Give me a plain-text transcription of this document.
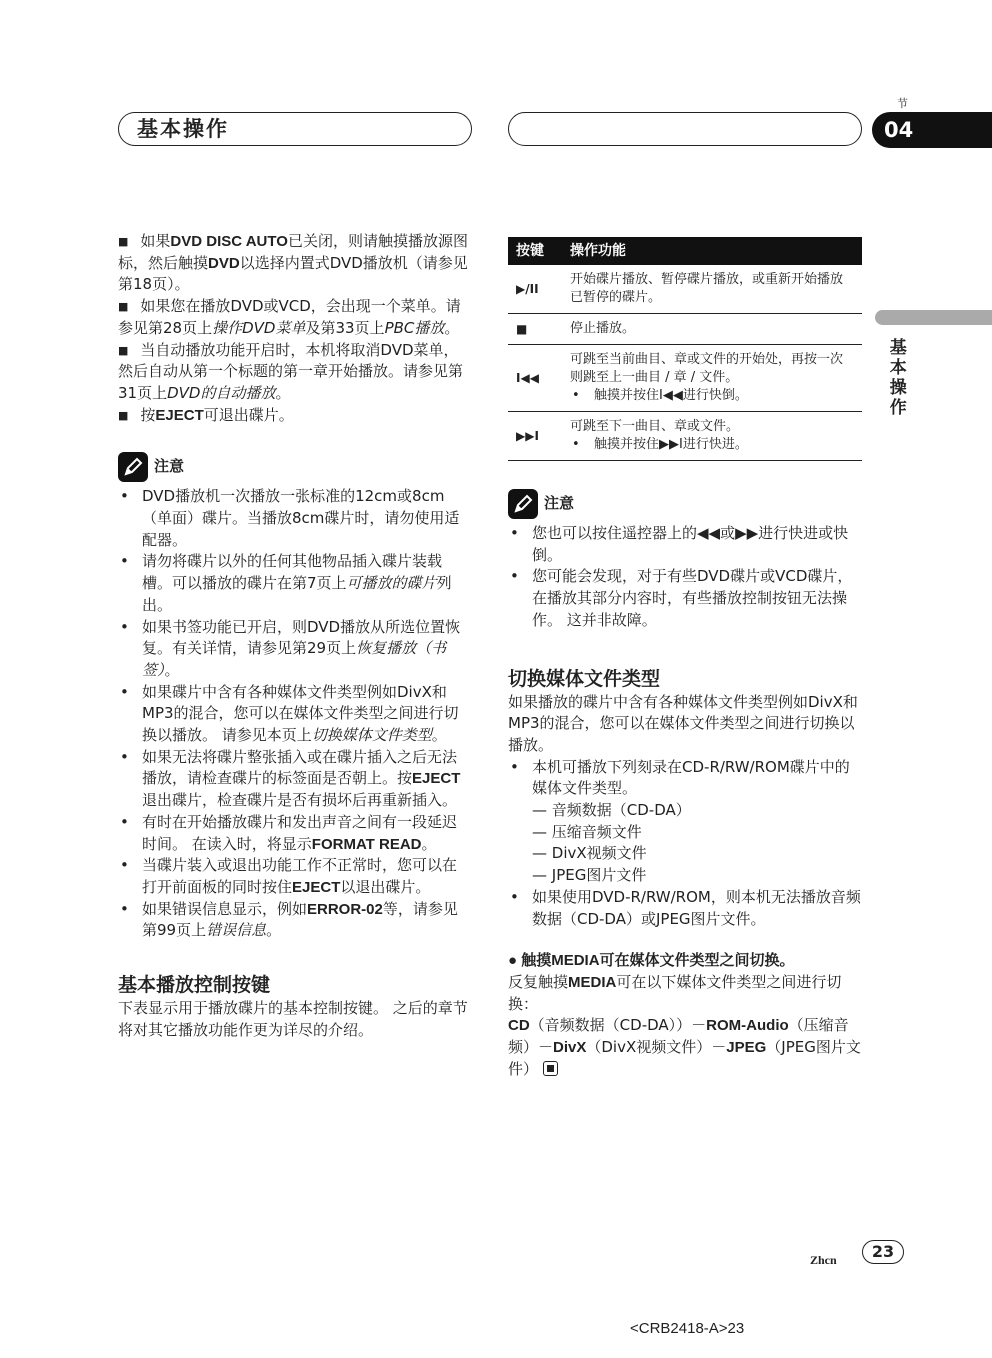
基本操作
节
04
基本操作

■ 如果DVD DISC AUTO已关闭，则请触摸播放源图标，然后触摸DVD以选择内置式DVD播放机（请参见第18页）。

■ 如果您在播放DVD或VCD，会出现一个菜单。请参见第28页上操作DVD菜单及第33页上PBC播放。

■ 当自动播放功能开启时，本机将取消DVD菜单，然后自动从第一个标题的第一章开始播放。请参见第31页上DVD的自动播放。

■ 按EJECT可退出碟片。

注意
• DVD播放机一次播放一张标准的12cm或8cm（单面）碟片。当播放8cm碟片时，请勿使用适配器。
• 请勿将碟片以外的任何其他物品插入碟片装载槽。可以播放的碟片在第7页上可播放的碟片列出。
• 如果书签功能已开启，则DVD播放从所选位置恢复。有关详情，请参见第29页上恢复播放（书签）。
• 如果碟片中含有各种媒体文件类型例如DivX和MP3的混合，您可以在媒体文件类型之间进行切换以播放。 请参见本页上切换媒体文件类型。
• 如果无法将碟片整张插入或在碟片插入之后无法播放，请检查碟片的标签面是否朝上。按EJECT退出碟片，检查碟片是否有损坏后再重新插入。
• 有时在开始播放碟片和发出声音之间有一段延迟时间。 在读入时，将显示FORMAT READ。
• 当碟片装入或退出功能工作不正常时，您可以在打开前面板的同时按住EJECT以退出碟片。
• 如果错误信息显示，例如ERROR-02等，请参见第99页上错误信息。
基本播放控制按键

下表显示用于播放碟片的基本控制按键。 之后的章节将对其它播放功能作更为详尽的介绍。

按键	操作功能
▶/II	开始碟片播放、暂停碟片播放，或重新开始播放已暂停的碟片。

■	停止播放。

I◀◀	可跳至当前曲目、章或文件的开始处，再按一次则跳至上一曲目 / 章 / 文件。
• 触摸并按住I◀◀进行快倒。

▶▶I	可跳至下一曲目、章或文件。
• 触摸并按住▶▶I进行快进。
注意
• 您也可以按住遥控器上的◀◀或▶▶进行快进或快倒。
• 您可能会发现，对于有些DVD碟片或VCD碟片，在播放其部分内容时，有些播放控制按钮无法操作。 这并非故障。
切换媒体文件类型

如果播放的碟片中含有各种媒体文件类型例如DivX和MP3的混合，您可以在媒体文件类型之间进行切换以播放。

• 本机可播放下列刻录在CD-R/RW/ROM碟片中的媒体文件类型。
— 音频数据（CD-DA）
— 压缩音频文件
— DivX视频文件
— JPEG图片文件
• 如果使用DVD-R/RW/ROM，则本机无法播放音频数据（CD-DA）或JPEG图片文件。

● 触摸MEDIA可在媒体文件类型之间切换。

反复触摸MEDIA可在以下媒体文件类型之间进行切换：

CD（音频数据（CD-DA））－ROM-Audio（压缩音频）－DivX（DivX视频文件）－JPEG（JPEG图片文件）

Zhcn	23
<CRB2418-A>23
